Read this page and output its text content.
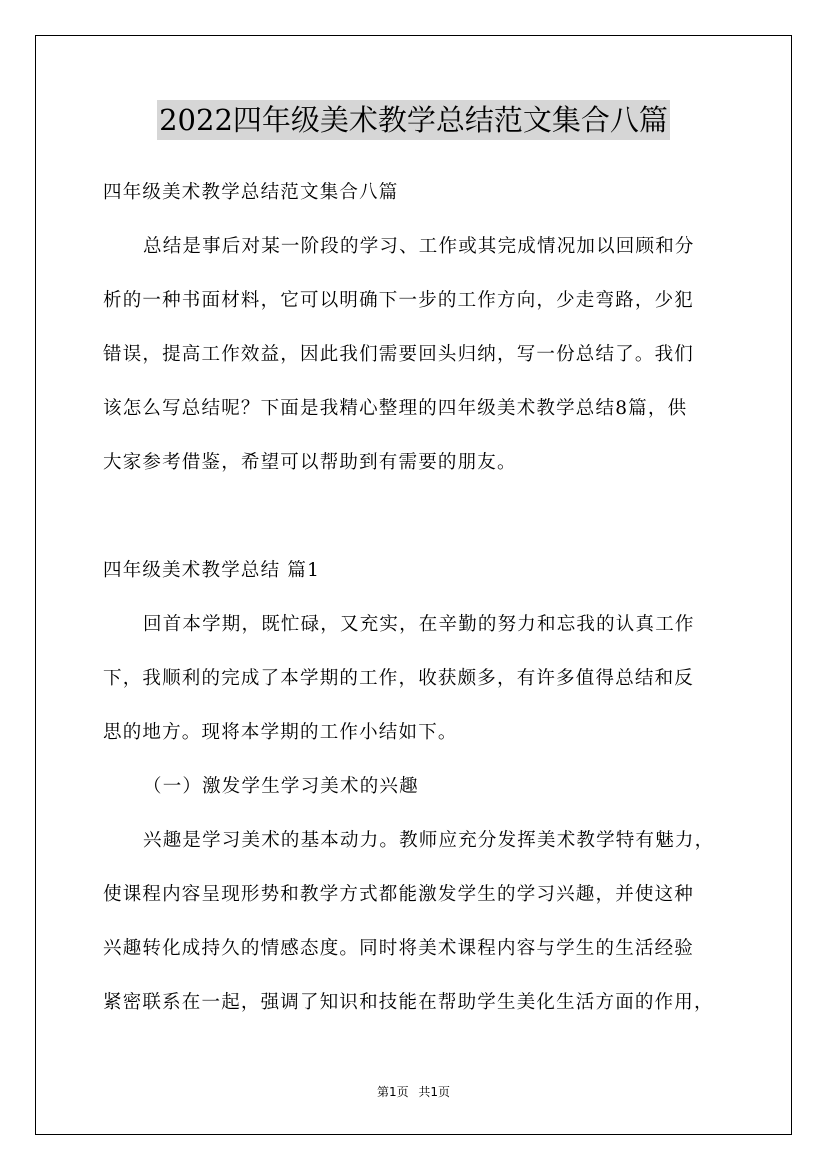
2022四年级美术教学总结范文集合八篇
四年级美术教学总结范文集合八篇
总结是事后对某一阶段的学习、工作或其完成情况加以回顾和分
析的一种书面材料，它可以明确下一步的工作方向，少走弯路，少犯
错误，提高工作效益，因此我们需要回头归纳，写一份总结了。我们
该怎么写总结呢？下面是我精心整理的四年级美术教学总结8篇，供
大家参考借鉴，希望可以帮助到有需要的朋友。
四年级美术教学总结 篇1
回首本学期，既忙碌，又充实，在辛勤的努力和忘我的认真工作
下，我顺利的完成了本学期的工作，收获颇多，有许多值得总结和反
思的地方。现将本学期的工作小结如下。
（一）激发学生学习美术的兴趣
兴趣是学习美术的基本动力。教师应充分发挥美术教学特有魅力，
使课程内容呈现形势和教学方式都能激发学生的学习兴趣，并使这种
兴趣转化成持久的情感态度。同时将美术课程内容与学生的生活经验
紧密联系在一起，强调了知识和技能在帮助学生美化生活方面的作用，
第1页 共1页
